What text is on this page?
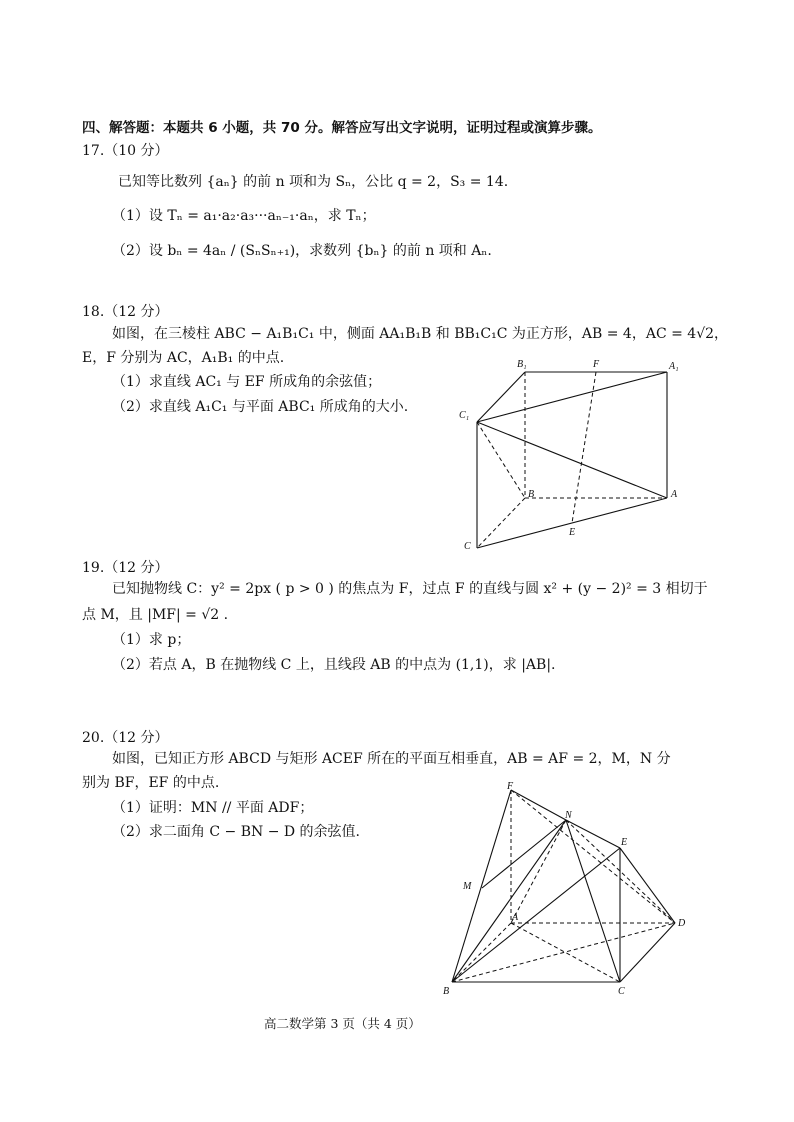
四、解答题：本题共 6 小题，共 70 分。解答应写出文字说明，证明过程或演算步骤。
17.（10 分）
已知等比数列 {aₙ} 的前 n 项和为 Sₙ，公比 q = 2，S₃ = 14.
（1）设 Tₙ = a₁·a₂·a₃···aₙ₋₁·aₙ，求 Tₙ；
（2）设 bₙ = 4aₙ / (SₙSₙ₊₁)，求数列 {bₙ} 的前 n 项和 Aₙ.
18.（12 分）
如图，在三棱柱 ABC − A₁B₁C₁ 中，侧面 AA₁B₁B 和 BB₁C₁C 为正方形，AB = 4，AC = 4√2，
E，F 分别为 AC，A₁B₁ 的中点.
（1）求直线 AC₁ 与 EF 所成角的余弦值；
（2）求直线 A₁C₁ 与平面 ABC₁ 所成角的大小.
B₁	F	A₁
C₁
B	A
C
E
19.（12 分）
已知抛物线 C：y² = 2px ( p > 0 ) 的焦点为 F，过点 F 的直线与圆 x² + (y − 2)² = 3 相切于
点 M，且 |MF| = √2 .
（1）求 p；
（2）若点 A，B 在抛物线 C 上，且线段 AB 的中点为 (1,1)，求 |AB|.
20.（12 分）
如图，已知正方形 ABCD 与矩形 ACEF 所在的平面互相垂直，AB = AF = 2，M，N 分
别为 BF，EF 的中点.
（1）证明：MN // 平面 ADF；
（2）求二面角 C − BN − D 的余弦值.
F
N
E
M
A
D
B	C
高二数学第 3 页（共 4 页）
